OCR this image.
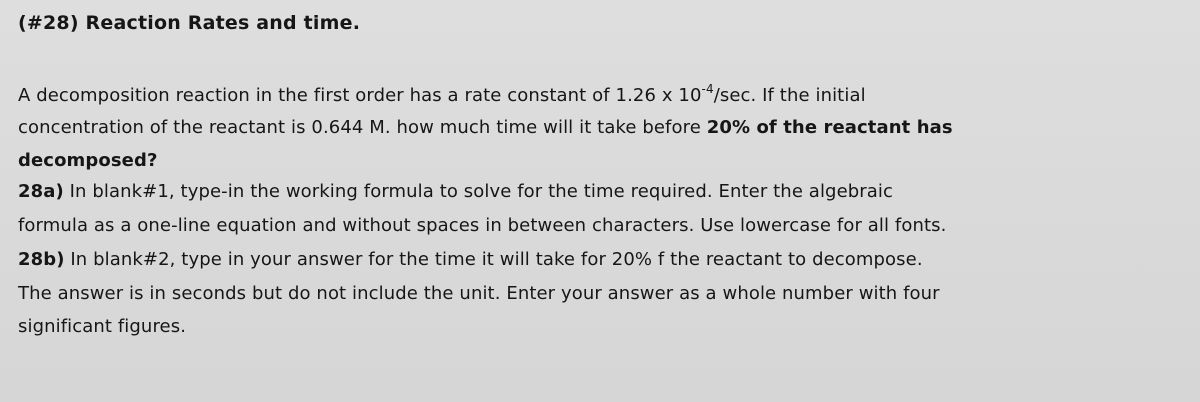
(#28) Reaction Rates and time.
A decomposition reaction in the first order has a rate constant of 1.26 x $10^{-4}/\sec$. If the initial
concentration of the reactant is 0.644 M. how much time will it take before 20% of the reactant has
decomposed?
28a) In blank#1, type-in the working formula to solve for the time required. Enter the algebraic
formula as a one-line equation and without spaces in between characters. Use lowercase for all fonts.
28b) In blank#2, type in your answer for the time it will take for 20% f the reactant to decompose.
The answer is in seconds but do not include the unit. Enter your answer as a whole number with four
significant figures.
